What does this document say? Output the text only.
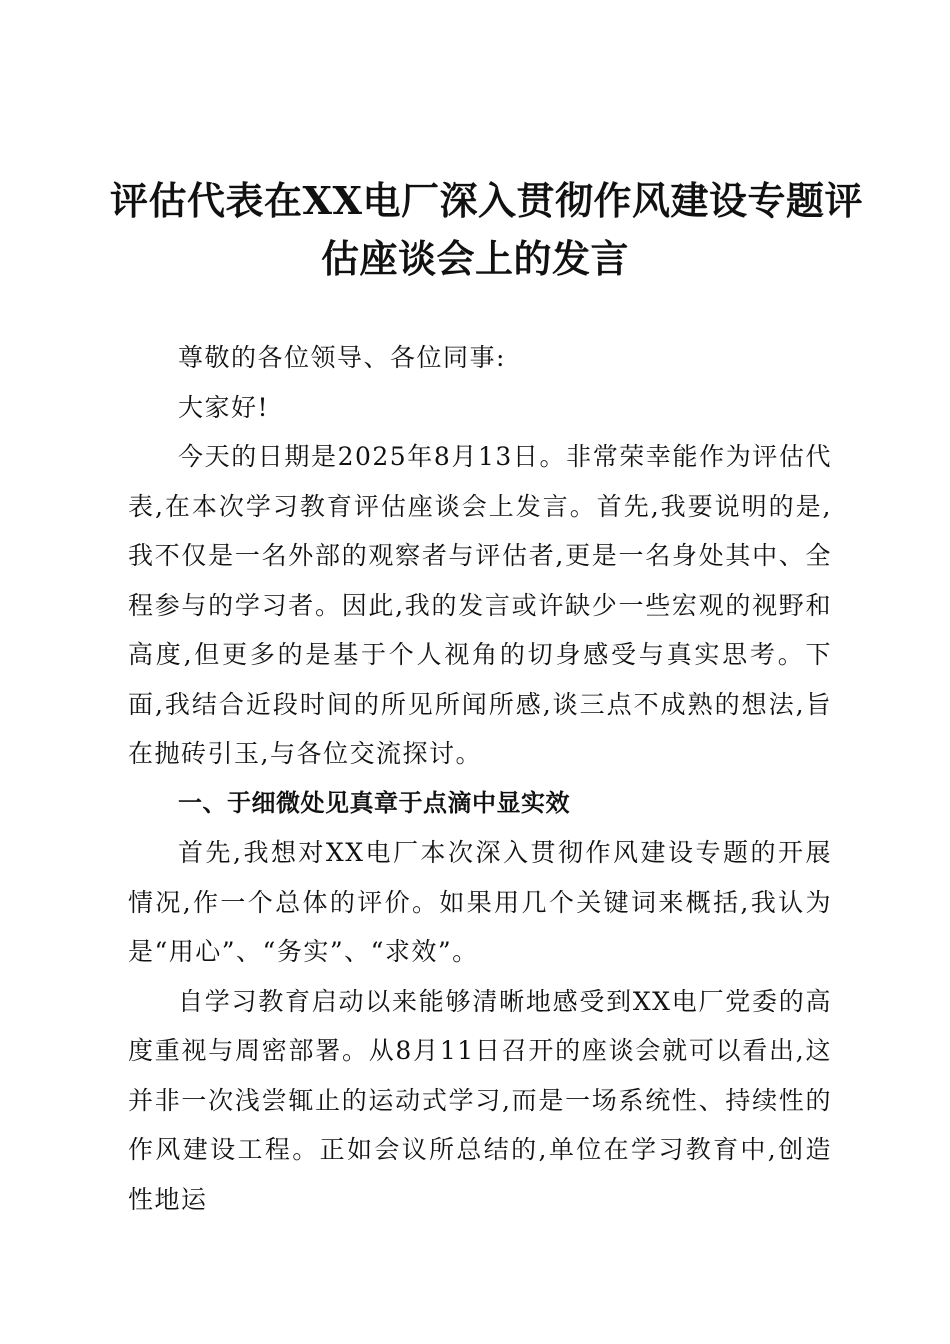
评估代表在XX电厂深入贯彻作风建设专题评
估座谈会上的发言

尊敬的各位领导、各位同事:

大家好!

今天的日期是2025年8月13日。非常荣幸能作为评估代表,在本次学习教育评估座谈会上发言。首先,我要说明的是,我不仅是一名外部的观察者与评估者,更是一名身处其中、全程参与的学习者。因此,我的发言或许缺少一些宏观的视野和高度,但更多的是基于个人视角的切身感受与真实思考。下面,我结合近段时间的所见所闻所感,谈三点不成熟的想法,旨在抛砖引玉,与各位交流探讨。

一、于细微处见真章于点滴中显实效

首先,我想对XX电厂本次深入贯彻作风建设专题的开展情况,作一个总体的评价。如果用几个关键词来概括,我认为是“用心”、“务实”、“求效”。

自学习教育启动以来能够清晰地感受到XX电厂党委的高度重视与周密部署。从8月11日召开的座谈会就可以看出,这并非一次浅尝辄止的运动式学习,而是一场系统性、持续性的作风建设工程。正如会议所总结的,单位在学习教育中,创造性地运
